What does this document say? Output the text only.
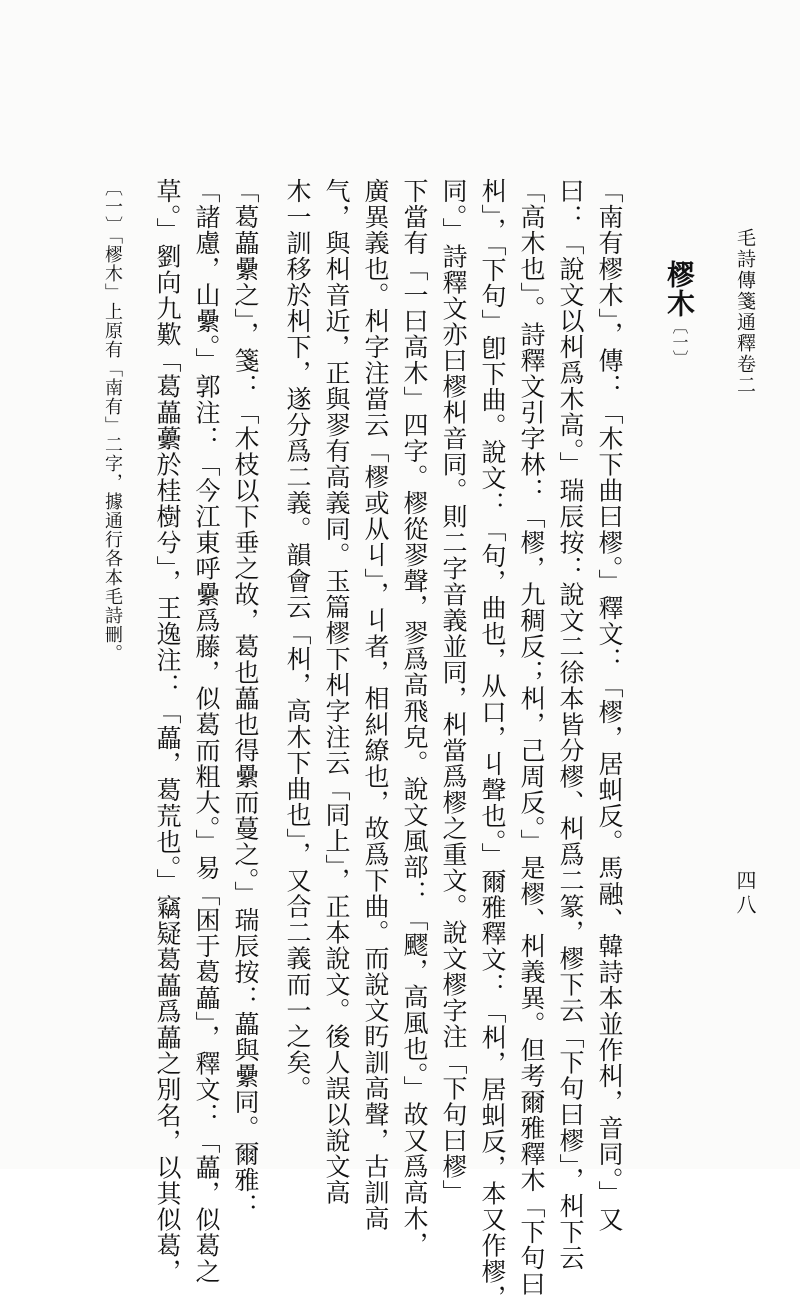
毛詩傳箋通釋卷二
四八
樛木〔一〕
「南有樛木」，傳：「木下曲曰樛。」釋文：「樛，居虯反。馬融、韓詩本並作朻，音同。」又
曰：「說文以朻爲木高。」瑞辰按：說文二徐本皆分樛、朻爲二篆，樛下云「下句曰樛」，朻下云
「高木也」。詩釋文引字林：「樛，九稠反；朻，己周反。」是樛、朻義異。但考爾雅釋木「下句曰
朻」，「下句」卽下曲。說文：「句，曲也，从口，丩聲也。」爾雅釋文：「朻，居虯反，本又作樛，
同。」詩釋文亦曰樛朻音同。則二字音義並同，朻當爲樛之重文。說文樛字注「下句曰樛」
下當有「一曰高木」四字。樛從翏聲，翏爲高飛皃。說文風部：「飂，高風也。」故又爲高木，
廣異義也。朻字注當云「樛或从丩」，丩者，相糾繚也，故爲下曲。而說文䀎訓高聲，古訓高
气，與朻音近，正與翏有高義同。玉篇樛下朻字注云「同上」，正本說文。後人誤以說文高
木一訓移於朻下，遂分爲二義。韻會云「朻，高木下曲也」，又合二義而一之矣。
「葛藟纍之」，箋：「木枝以下垂之故，葛也藟也得纍而蔓之。」瑞辰按：藟與纍同。爾雅：
「諸慮，山纍。」郭注：「今江東呼纍爲藤，似葛而粗大。」易「困于葛藟」，釋文：「藟，似葛之
草。」劉向九歎「葛藟虆於桂樹兮」，王逸注：「藟，葛荒也。」竊疑葛藟爲藟之別名，以其似葛，
〔一〕「樛木」上原有「南有」二字，據通行各本毛詩刪。
